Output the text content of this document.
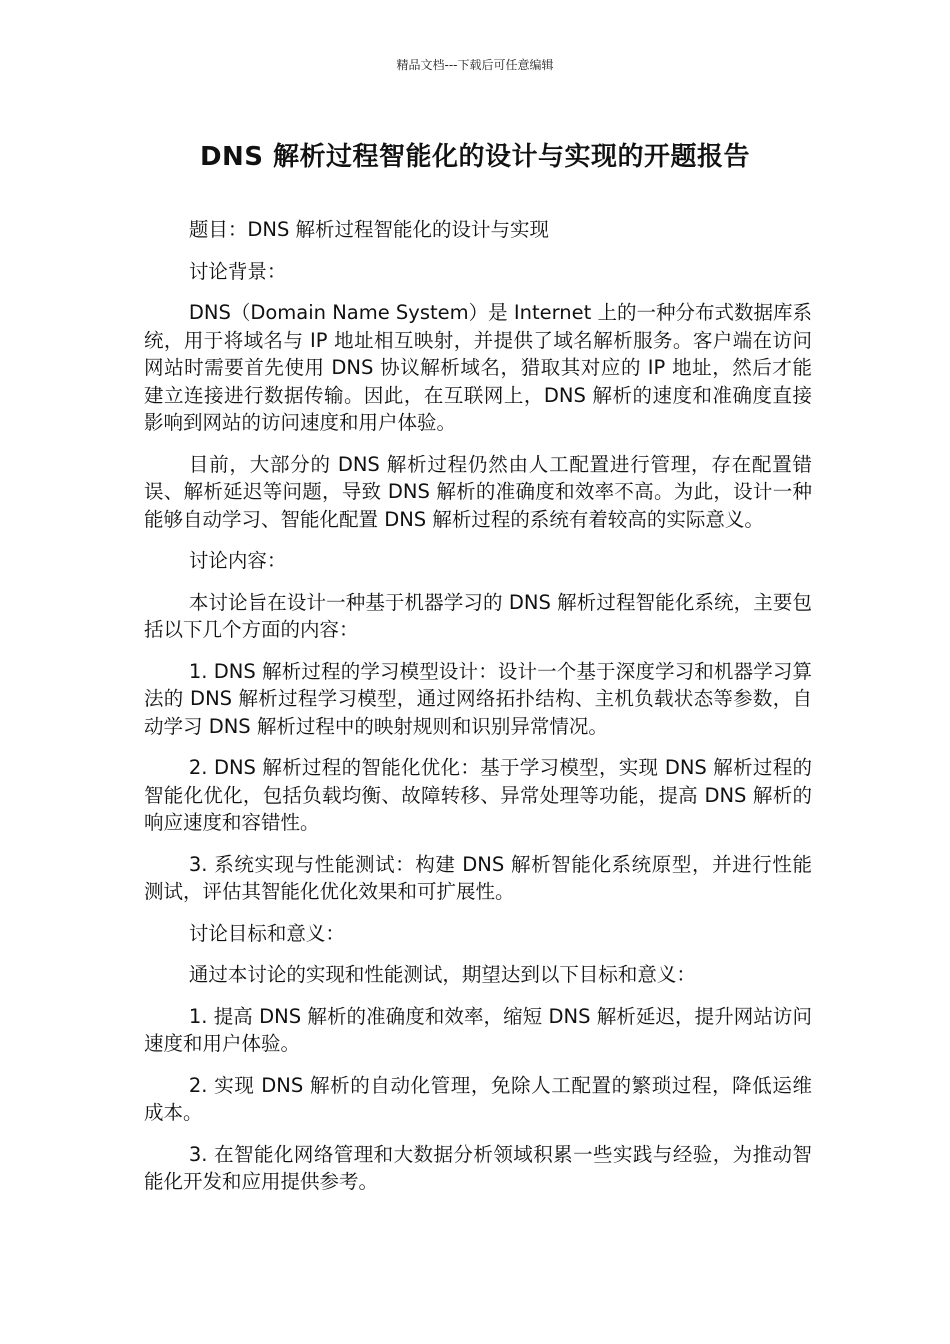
精品文档---下载后可任意编辑
DNS 解析过程智能化的设计与实现的开题报告

题目：DNS 解析过程智能化的设计与实现

讨论背景：

DNS（Domain Name System）是 Internet 上的一种分布式数据库系统，用于将域名与 IP 地址相互映射，并提供了域名解析服务。客户端在访问网站时需要首先使用 DNS 协议解析域名，猎取其对应的 IP 地址，然后才能建立连接进行数据传输。因此，在互联网上，DNS 解析的速度和准确度直接影响到网站的访问速度和用户体验。

目前，大部分的 DNS 解析过程仍然由人工配置进行管理，存在配置错误、解析延迟等问题，导致 DNS 解析的准确度和效率不高。为此，设计一种能够自动学习、智能化配置 DNS 解析过程的系统有着较高的实际意义。

讨论内容：

本讨论旨在设计一种基于机器学习的 DNS 解析过程智能化系统，主要包括以下几个方面的内容：

1. DNS 解析过程的学习模型设计：设计一个基于深度学习和机器学习算法的 DNS 解析过程学习模型，通过网络拓扑结构、主机负载状态等参数，自动学习 DNS 解析过程中的映射规则和识别异常情况。

2. DNS 解析过程的智能化优化：基于学习模型，实现 DNS 解析过程的智能化优化，包括负载均衡、故障转移、异常处理等功能，提高 DNS 解析的响应速度和容错性。

3. 系统实现与性能测试：构建 DNS 解析智能化系统原型，并进行性能测试，评估其智能化优化效果和可扩展性。

讨论目标和意义：

通过本讨论的实现和性能测试，期望达到以下目标和意义：

1. 提高 DNS 解析的准确度和效率，缩短 DNS 解析延迟，提升网站访问速度和用户体验。

2. 实现 DNS 解析的自动化管理，免除人工配置的繁琐过程，降低运维成本。

3. 在智能化网络管理和大数据分析领域积累一些实践与经验，为推动智能化开发和应用提供参考。
